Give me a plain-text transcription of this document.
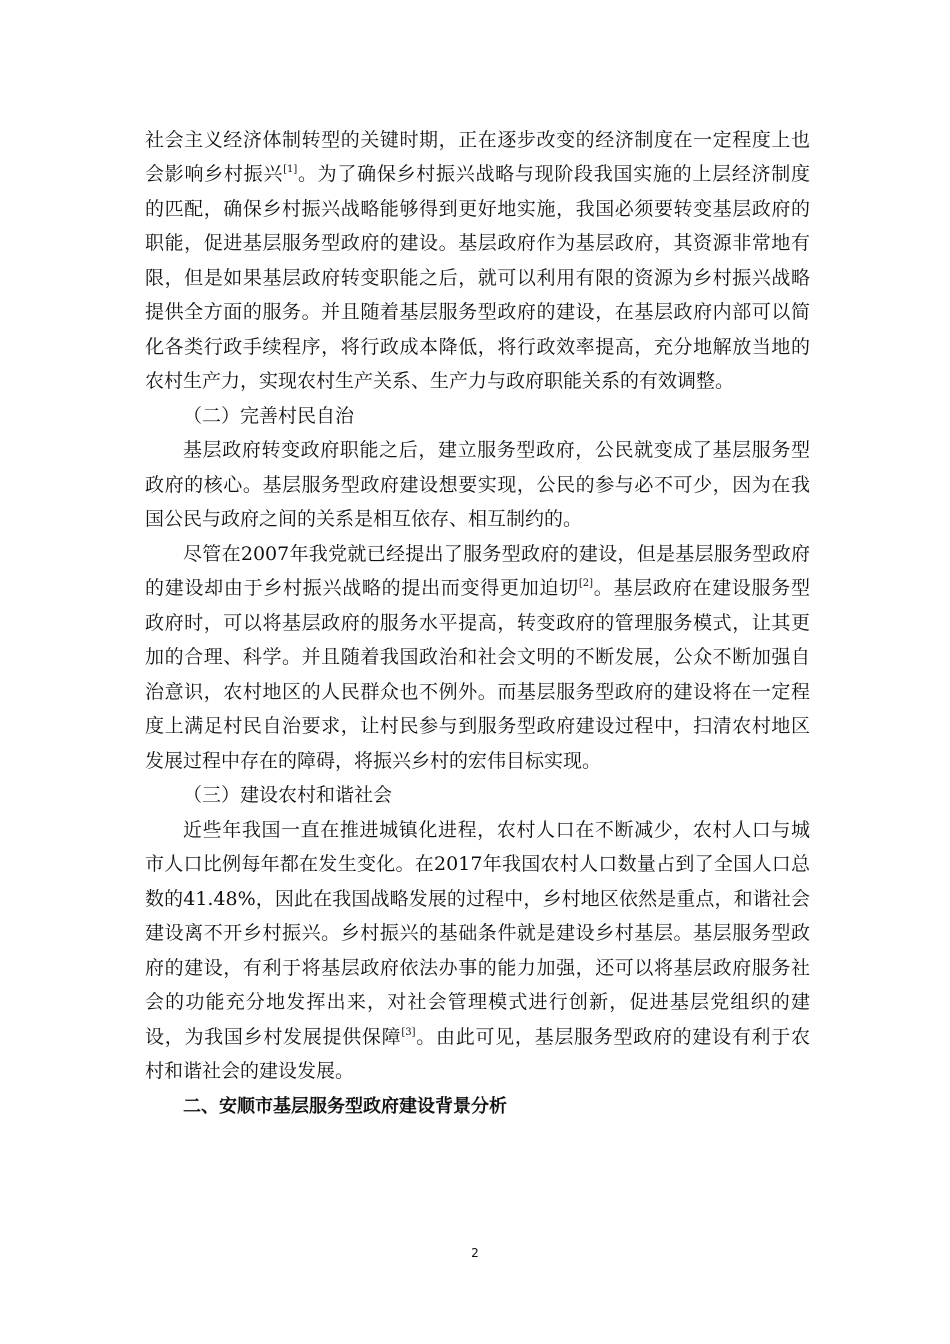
社会主义经济体制转型的关键时期，正在逐步改变的经济制度在一定程度上也
会影响乡村振兴[1]。为了确保乡村振兴战略与现阶段我国实施的上层经济制度
的匹配，确保乡村振兴战略能够得到更好地实施，我国必须要转变基层政府的
职能，促进基层服务型政府的建设。基层政府作为基层政府，其资源非常地有
限，但是如果基层政府转变职能之后，就可以利用有限的资源为乡村振兴战略
提供全方面的服务。并且随着基层服务型政府的建设，在基层政府内部可以简
化各类行政手续程序，将行政成本降低，将行政效率提高，充分地解放当地的
农村生产力，实现农村生产关系、生产力与政府职能关系的有效调整。
（二）完善村民自治
基层政府转变政府职能之后，建立服务型政府，公民就变成了基层服务型
政府的核心。基层服务型政府建设想要实现，公民的参与必不可少，因为在我
国公民与政府之间的关系是相互依存、相互制约的。
尽管在2007年我党就已经提出了服务型政府的建设，但是基层服务型政府
的建设却由于乡村振兴战略的提出而变得更加迫切[2]。基层政府在建设服务型
政府时，可以将基层政府的服务水平提高，转变政府的管理服务模式，让其更
加的合理、科学。并且随着我国政治和社会文明的不断发展，公众不断加强自
治意识，农村地区的人民群众也不例外。而基层服务型政府的建设将在一定程
度上满足村民自治要求，让村民参与到服务型政府建设过程中，扫清农村地区
发展过程中存在的障碍，将振兴乡村的宏伟目标实现。
（三）建设农村和谐社会
近些年我国一直在推进城镇化进程，农村人口在不断减少，农村人口与城
市人口比例每年都在发生变化。在2017年我国农村人口数量占到了全国人口总
数的41.48%，因此在我国战略发展的过程中，乡村地区依然是重点，和谐社会
建设离不开乡村振兴。乡村振兴的基础条件就是建设乡村基层。基层服务型政
府的建设，有利于将基层政府依法办事的能力加强，还可以将基层政府服务社
会的功能充分地发挥出来，对社会管理模式进行创新，促进基层党组织的建
设，为我国乡村发展提供保障[3]。由此可见，基层服务型政府的建设有利于农
村和谐社会的建设发展。
二、安顺市基层服务型政府建设背景分析
2
